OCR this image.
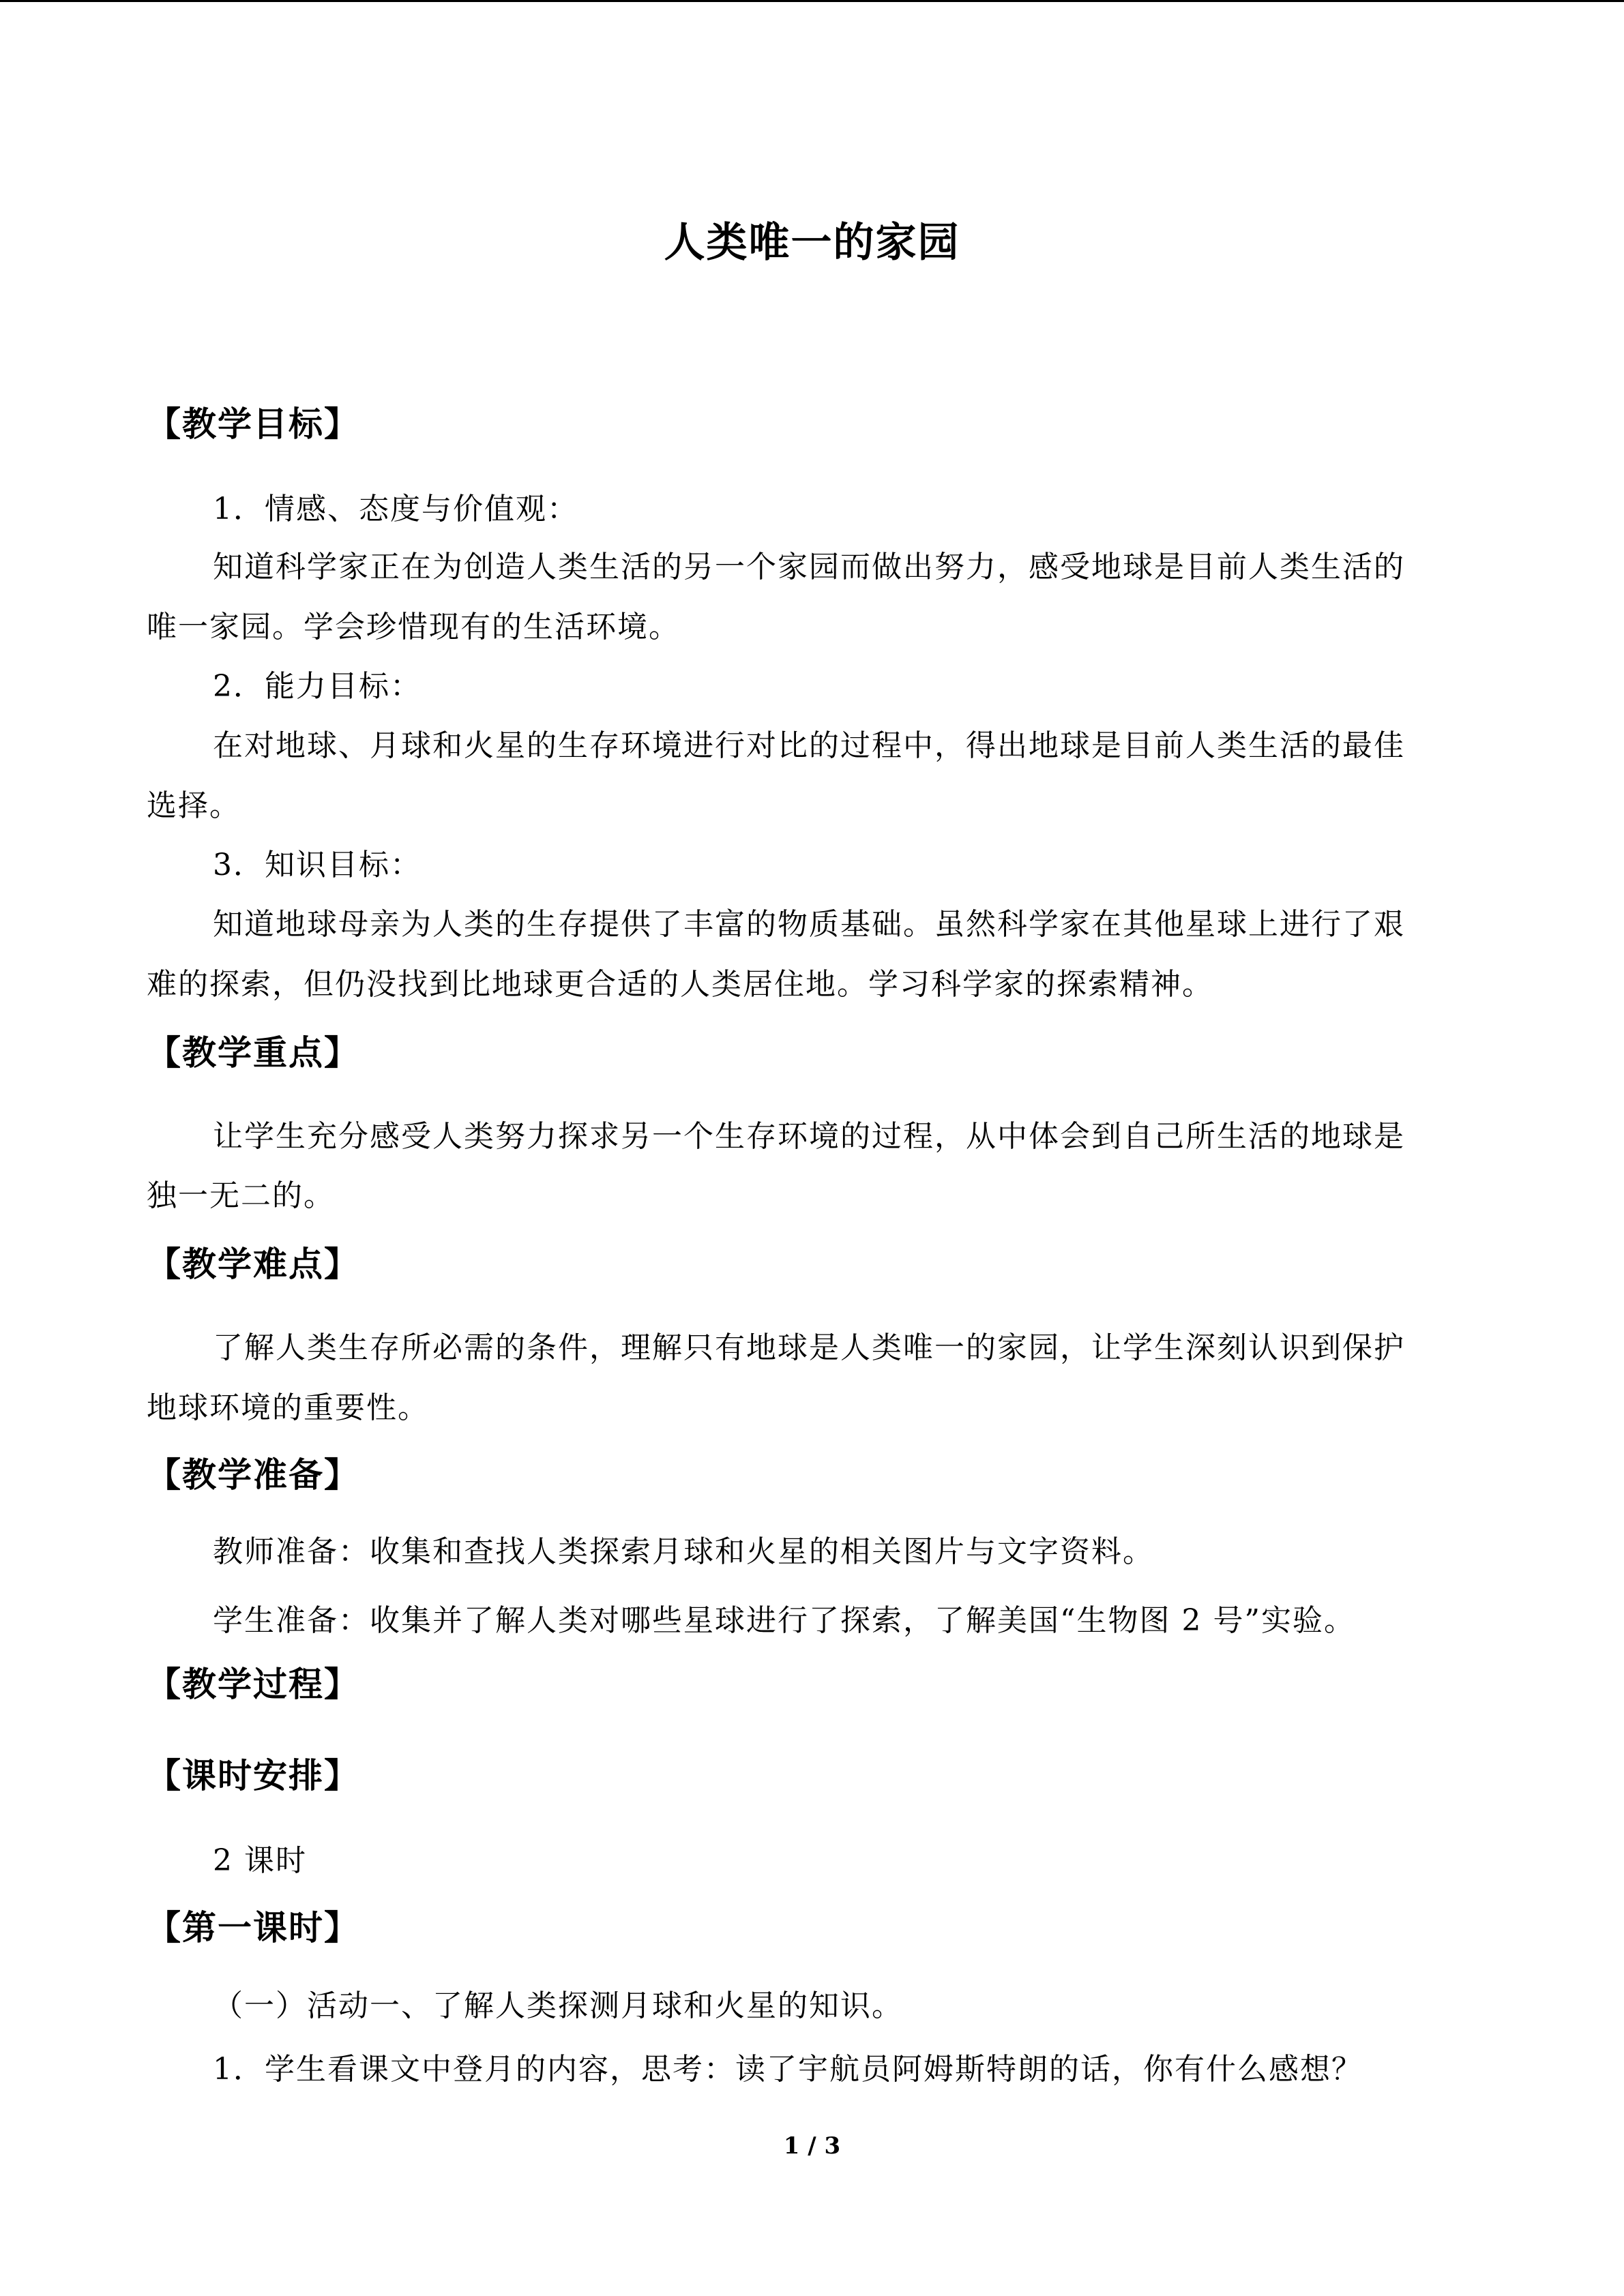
人类唯一的家园
【教学目标】
1．情感、态度与价值观：
知道科学家正在为创造人类生活的另一个家园而做出努力，感受地球是目前人类生活的
唯一家园。学会珍惜现有的生活环境。
2．能力目标：
在对地球、月球和火星的生存环境进行对比的过程中，得出地球是目前人类生活的最佳
选择。
3．知识目标：
知道地球母亲为人类的生存提供了丰富的物质基础。虽然科学家在其他星球上进行了艰
难的探索，但仍没找到比地球更合适的人类居住地。学习科学家的探索精神。
【教学重点】
让学生充分感受人类努力探求另一个生存环境的过程，从中体会到自己所生活的地球是
独一无二的。
【教学难点】
了解人类生存所必需的条件，理解只有地球是人类唯一的家园，让学生深刻认识到保护
地球环境的重要性。
【教学准备】
教师准备：收集和查找人类探索月球和火星的相关图片与文字资料。
学生准备：收集并了解人类对哪些星球进行了探索，了解美国“生物图 2 号”实验。
【教学过程】
【课时安排】
2 课时
【第一课时】
（一）活动一、了解人类探测月球和火星的知识。
1．学生看课文中登月的内容，思考：读了宇航员阿姆斯特朗的话，你有什么感想？
1 / 3
